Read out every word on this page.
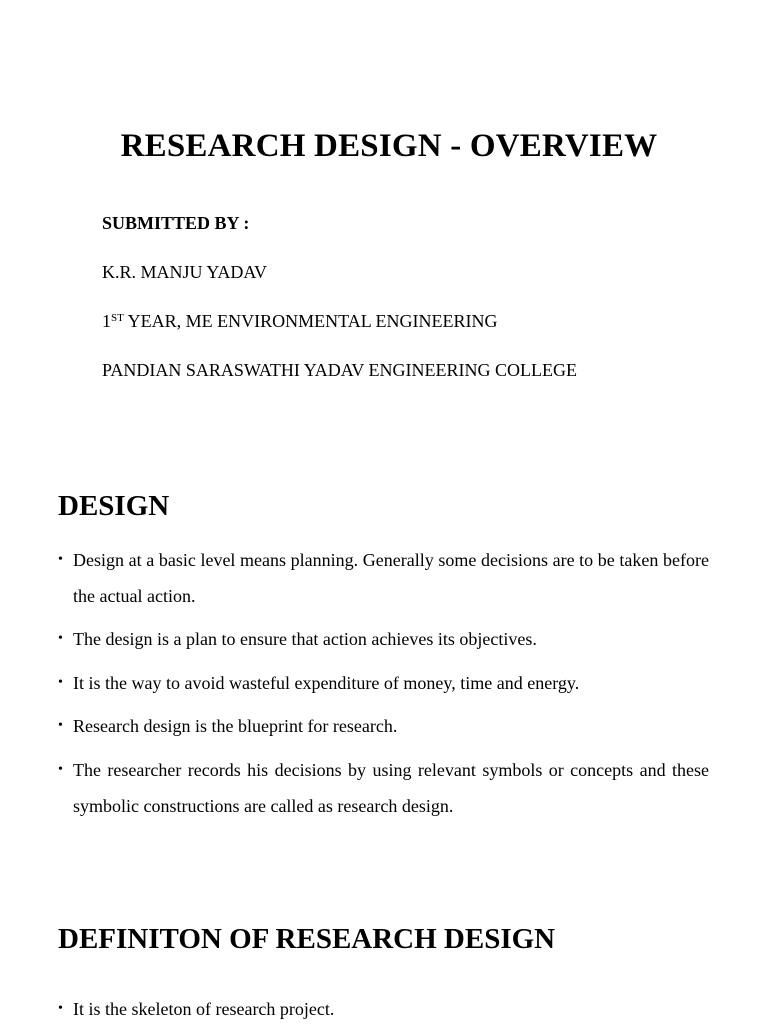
RESEARCH DESIGN - OVERVIEW
SUBMITTED BY :
K.R. MANJU YADAV
1ST YEAR, ME ENVIRONMENTAL ENGINEERING
PANDIAN SARASWATHI YADAV ENGINEERING COLLEGE
DESIGN
• Design at a basic level means planning. Generally some decisions are to be taken before the actual action.
• The design is a plan to ensure that action achieves its objectives.
• It is the way to avoid wasteful expenditure of money, time and energy.
• Research design is the blueprint for research.
• The researcher records his decisions by using relevant symbols or concepts and these symbolic constructions are called as research design.
DEFINITON OF RESEARCH DESIGN
• It is the skeleton of research project.
